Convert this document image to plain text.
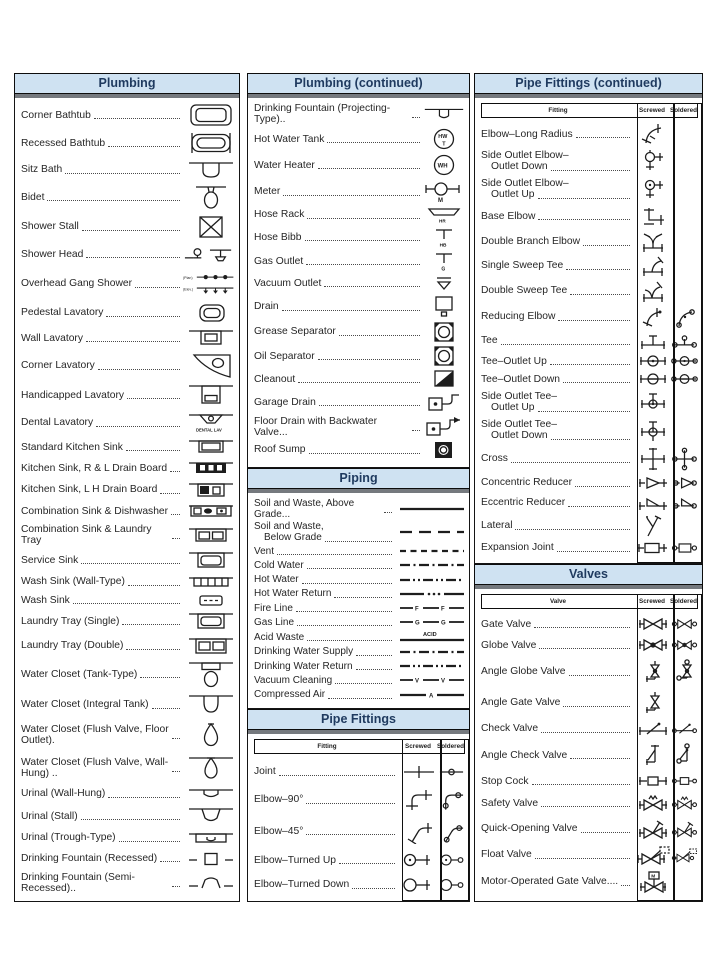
Plumbing
Corner Bathtub
Recessed Bathtub
Sitz Bath
Bidet
Shower Stall
Shower Head
Overhead Gang Shower
(Plan)
(Elev.)
Pedestal Lavatory
Wall Lavatory
Corner Lavatory
Handicapped Lavatory
Dental Lavatory
DENTAL LAV
Standard Kitchen Sink
Kitchen Sink, R & L Drain Board
Kitchen Sink, L H Drain Board
Combination Sink & Dishwasher
Combination Sink & Laundry Tray
Service Sink
Wash Sink (Wall-Type)
Wash Sink
Laundry Tray (Single)
Laundry Tray (Double)
Water Closet (Tank-Type)
Water Closet (Integral Tank)
Water Closet (Flush Valve, Floor Outlet).
Water Closet (Flush Valve, Wall-Hung) ..
Urinal (Wall-Hung)
Urinal (Stall)
Urinal (Trough-Type)
Drinking Fountain (Recessed)
Drinking Fountain (Semi-Recessed)..
Plumbing (continued)
Drinking Fountain (Projecting-Type)..
Hot Water Tank	HW
T
Water Heater	WH
Meter
M
Hose Rack
HR
Hose Bibb
HB
Gas Outlet
G
Vacuum Outlet
Drain
Grease Separator
Oil Separator
Cleanout
Garage Drain
Floor Drain with Backwater Valve...
Roof Sump
Piping
Soil and Waste, Above Grade...
Soil and Waste,
Below Grade
Vent
Cold Water
Hot Water
Hot Water Return
Fire Line	F	F
Gas Line	G	G
Acid Waste	ACID
Drinking Water Supply
Drinking Water Return
Vacuum Cleaning	V	V
Compressed Air	A
Pipe Fittings
Fitting	Screwed Soldered
Joint
Elbow–90°
Elbow–45°
Elbow–Turned Up
Elbow–Turned Down
Pipe Fittings (continued)
Fitting	Screwed Soldered
Elbow–Long Radius
Side Outlet Elbow–
Outlet Down
Side Outlet Elbow–
Outlet Up
Base Elbow
Double Branch Elbow
Single Sweep Tee
Double Sweep Tee
Reducing Elbow
Tee
Tee–Outlet Up
Tee–Outlet Down
Side Outlet Tee–
Outlet Up
Side Outlet Tee–
Outlet Down
Cross
Concentric Reducer
Eccentric Reducer
Lateral
Expansion Joint
Valves
Valve	Screwed Soldered
Gate Valve
Globe Valve
Angle Globe Valve
Angle Gate Valve
Check Valve
Angle Check Valve
Stop Cock
Safety Valve
Quick-Opening Valve
Float Valve
Motor-Operated Gate Valve....	M
